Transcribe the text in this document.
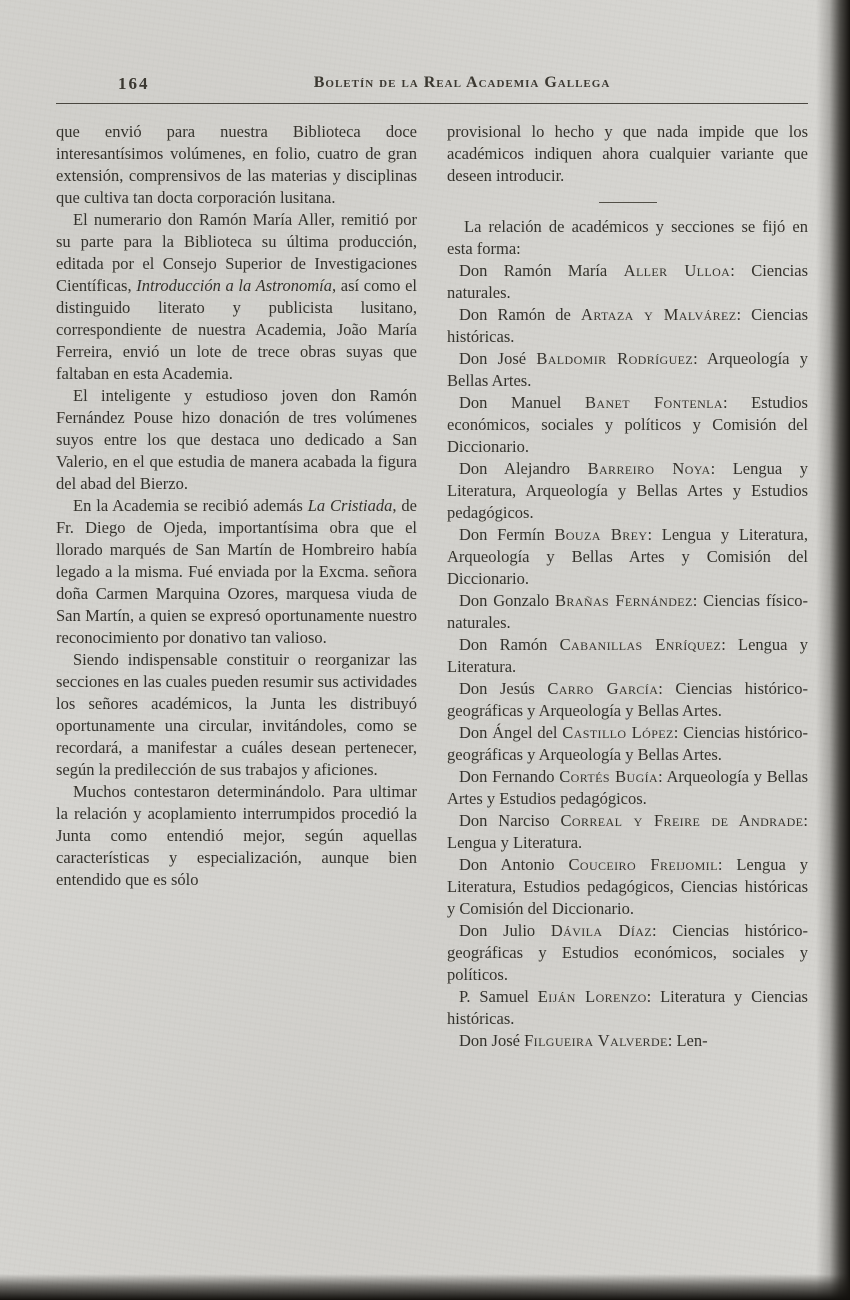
164	Boletín de la Real Academia Gallega

que envió para nuestra Biblioteca doce interesantísimos volúmenes, en folio, cuatro de gran extensión, comprensivos de las materias y disciplinas que cultiva tan docta corporación lusitana.

El numerario don Ramón María Aller, remitió por su parte para la Biblioteca su última producción, editada por el Consejo Superior de Investigaciones Científicas, Introducción a la Astronomía, así como el distinguido literato y publicista lusitano, correspondiente de nuestra Academia, João María Ferreira, envió un lote de trece obras suyas que faltaban en esta Academia.

El inteligente y estudioso joven don Ramón Fernández Pouse hizo donación de tres volúmenes suyos entre los que destaca uno dedicado a San Valerio, en el que estudia de manera acabada la figura del abad del Bierzo.

En la Academia se recibió además La Cristiada, de Fr. Diego de Ojeda, importantísima obra que el llorado marqués de San Martín de Hombreiro había legado a la misma. Fué enviada por la Excma. señora doña Carmen Marquina Ozores, marquesa viuda de San Martín, a quien se expresó oportunamente nuestro reconocimiento por donativo tan valioso.

Siendo indispensable constituir o reorganizar las secciones en las cuales pueden resumir sus actividades los señores académicos, la Junta les distribuyó oportunamente una circular, invitándoles, como se recordará, a manifestar a cuáles desean pertenecer, según la predilección de sus trabajos y aficiones.

Muchos contestaron determinándolo. Para ultimar la relación y acoplamiento interrumpidos procedió la Junta como entendió mejor, según aquellas características y especialización, aunque bien entendido que es sólo

provisional lo hecho y que nada impide que los académicos indiquen ahora cualquier variante que deseen introducir.

La relación de académicos y secciones se fijó en esta forma:

Don Ramón María Aller Ulloa: Ciencias naturales.

Don Ramón de Artaza y Malvárez: Ciencias históricas.

Don José Baldomir Rodríguez: Arqueología y Bellas Artes.

Don Manuel Banet Fontenla: Estudios económicos, sociales y políticos y Comisión del Diccionario.

Don Alejandro Barreiro Noya: Lengua y Literatura, Arqueología y Bellas Artes y Estudios pedagógicos.

Don Fermín Bouza Brey: Lengua y Literatura, Arqueología y Bellas Artes y Comisión del Diccionario.

Don Gonzalo Brañas Fernández: Ciencias físico-naturales.

Don Ramón Cabanillas Enríquez: Lengua y Literatura.

Don Jesús Carro García: Ciencias histórico-geográficas y Arqueología y Bellas Artes.

Don Ángel del Castillo López: Ciencias histórico-geográficas y Arqueología y Bellas Artes.

Don Fernando Cortés Bugía: Arqueología y Bellas Artes y Estudios pedagógicos.

Don Narciso Correal y Freire de Andrade: Lengua y Literatura.

Don Antonio Couceiro Freijomil: Lengua y Literatura, Estudios pedagógicos, Ciencias históricas y Comisión del Diccionario.

Don Julio Dávila Díaz: Ciencias histórico-geográficas y Estudios económicos, sociales y políticos.

P. Samuel Eiján Lorenzo: Literatura y Ciencias históricas.

Don José Filgueira Valverde: Len-
